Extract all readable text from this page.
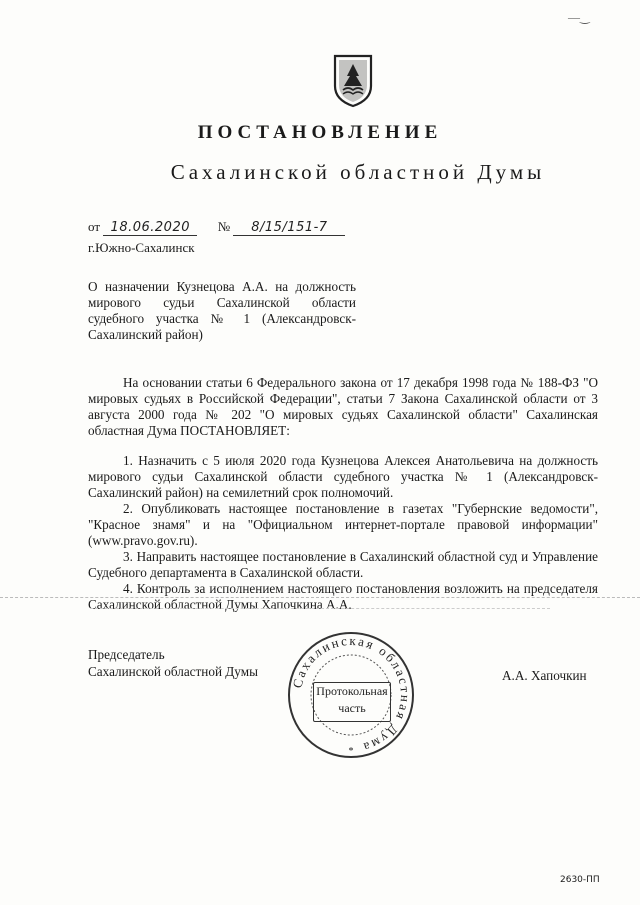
—‿
ПОСТАНОВЛЕНИЕ
Сахалинской областной Думы
от 18.06.2020 № 8/15/151-7
г.Южно-Сахалинск
О назначении Кузнецова А.А. на должность мирового судьи Сахалинской области судебного участка № 1 (Александровск-Сахалинский район)

На основании статьи 6 Федерального закона от 17 декабря 1998 года № 188-ФЗ "О мировых судьях в Российской Федерации", статьи 7 Закона Сахалинской области от 3 августа 2000 года № 202 "О мировых судьях Сахалинской области" Сахалинская областная Дума ПОСТАНОВЛЯЕТ:

1. Назначить с 5 июля 2020 года Кузнецова Алексея Анатольевича на должность мирового судьи Сахалинской области судебного участка № 1 (Александровск-Сахалинский район) на семилетний срок полномочий.

2. Опубликовать настоящее постановление в газетах "Губернские ведомости", "Красное знамя" и на "Официальном интернет-портале правовой информации" (www.pravo.gov.ru).

3. Направить настоящее постановление в Сахалинский областной суд и Управление Судебного департамента в Сахалинской области.

4. Контроль за исполнением настоящего постановления возложить на председателя Сахалинской областной Думы Хапочкина А.А.

Председатель
Сахалинской областной Думы
Сахалинская областная Дума
*
Протокольная
часть
А.А. Хапочкин
2630-ПП
